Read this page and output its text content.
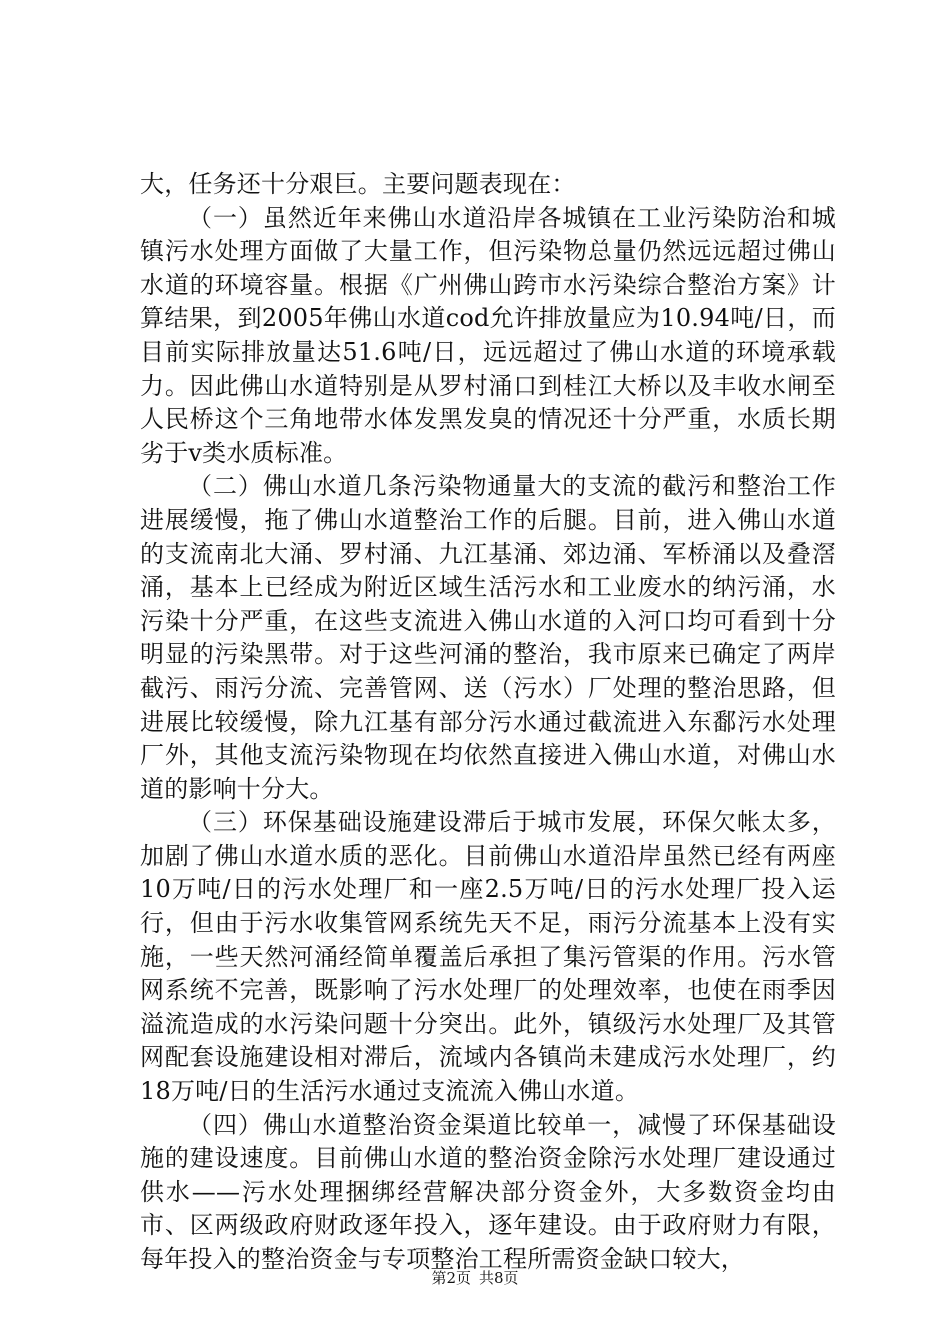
大，任务还十分艰巨。主要问题表现在：

（一）虽然近年来佛山水道沿岸各城镇在工业污染防治和城镇污水处理方面做了大量工作，但污染物总量仍然远远超过佛山水道的环境容量。根据《广州佛山跨市水污染综合整治方案》计算结果，到2005年佛山水道cod允许排放量应为10.94吨/日，而目前实际排放量达51.6吨/日，远远超过了佛山水道的环境承载力。因此佛山水道特别是从罗村涌口到桂江大桥以及丰收水闸至人民桥这个三角地带水体发黑发臭的情况还十分严重，水质长期劣于v类水质标准。

（二）佛山水道几条污染物通量大的支流的截污和整治工作进展缓慢，拖了佛山水道整治工作的后腿。目前，进入佛山水道的支流南北大涌、罗村涌、九江基涌、郊边涌、军桥涌以及叠滘涌，基本上已经成为附近区域生活污水和工业废水的纳污涌，水污染十分严重，在这些支流进入佛山水道的入河口均可看到十分明显的污染黑带。对于这些河涌的整治，我市原来已确定了两岸截污、雨污分流、完善管网、送（污水）厂处理的整治思路，但进展比较缓慢，除九江基有部分污水通过截流进入东鄱污水处理厂外，其他支流污染物现在均依然直接进入佛山水道，对佛山水道的影响十分大。

（三）环保基础设施建设滞后于城市发展，环保欠帐太多，加剧了佛山水道水质的恶化。目前佛山水道沿岸虽然已经有两座10万吨/日的污水处理厂和一座2.5万吨/日的污水处理厂投入运行，但由于污水收集管网系统先天不足，雨污分流基本上没有实施，一些天然河涌经简单覆盖后承担了集污管渠的作用。污水管网系统不完善，既影响了污水处理厂的处理效率，也使在雨季因溢流造成的水污染问题十分突出。此外，镇级污水处理厂及其管网配套设施建设相对滞后，流域内各镇尚未建成污水处理厂，约18万吨/日的生活污水通过支流流入佛山水道。

（四）佛山水道整治资金渠道比较单一，减慢了环保基础设施的建设速度。目前佛山水道的整治资金除污水处理厂建设通过供水——污水处理捆绑经营解决部分资金外，大多数资金均由市、区两级政府财政逐年投入，逐年建设。由于政府财力有限，每年投入的整治资金与专项整治工程所需资金缺口较大，

第2页 共8页
